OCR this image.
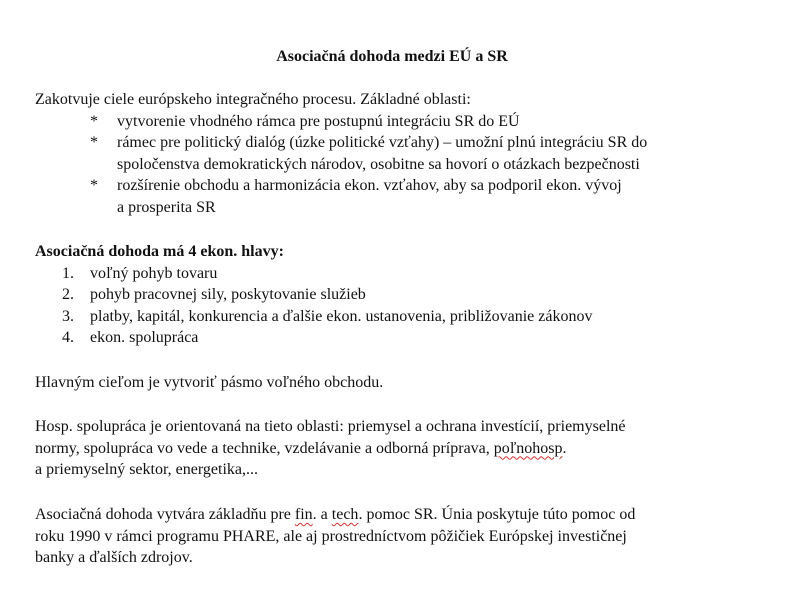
Asociačná dohoda medzi EÚ a SR

Zakotvuje ciele európskeho integračného procesu. Základné oblasti:

* vytvorenie vhodného rámca pre postupnú integráciu SR do EÚ
* rámec pre politický dialóg (úzke politické vzťahy) – umožní plnú integráciu SR do
spoločenstva demokratických národov, osobitne sa hovorí o otázkach bezpečnosti
* rozšírenie obchodu a harmonizácia ekon. vzťahov, aby sa podporil ekon. vývoj
a prosperita SR

Asociačná dohoda má 4 ekon. hlavy:

1. voľný pohyb tovaru
2. pohyb pracovnej sily, poskytovanie služieb
3. platby, kapitál, konkurencia a ďalšie ekon. ustanovenia, približovanie zákonov
4. ekon. spolupráca

Hlavným cieľom je vytvoriť pásmo voľného obchodu.

Hosp. spolupráca je orientovaná na tieto oblasti: priemysel a ochrana investícií, priemyselné
normy, spolupráca vo vede a technike, vzdelávanie a odborná príprava, poľnohosp.
a priemyselný sektor, energetika,...

Asociačná dohoda vytvára základňu pre fin. a tech. pomoc SR. Únia poskytuje túto pomoc od
roku 1990 v rámci programu PHARE, ale aj prostredníctvom pôžičiek Európskej investičnej
banky a ďalších zdrojov.
